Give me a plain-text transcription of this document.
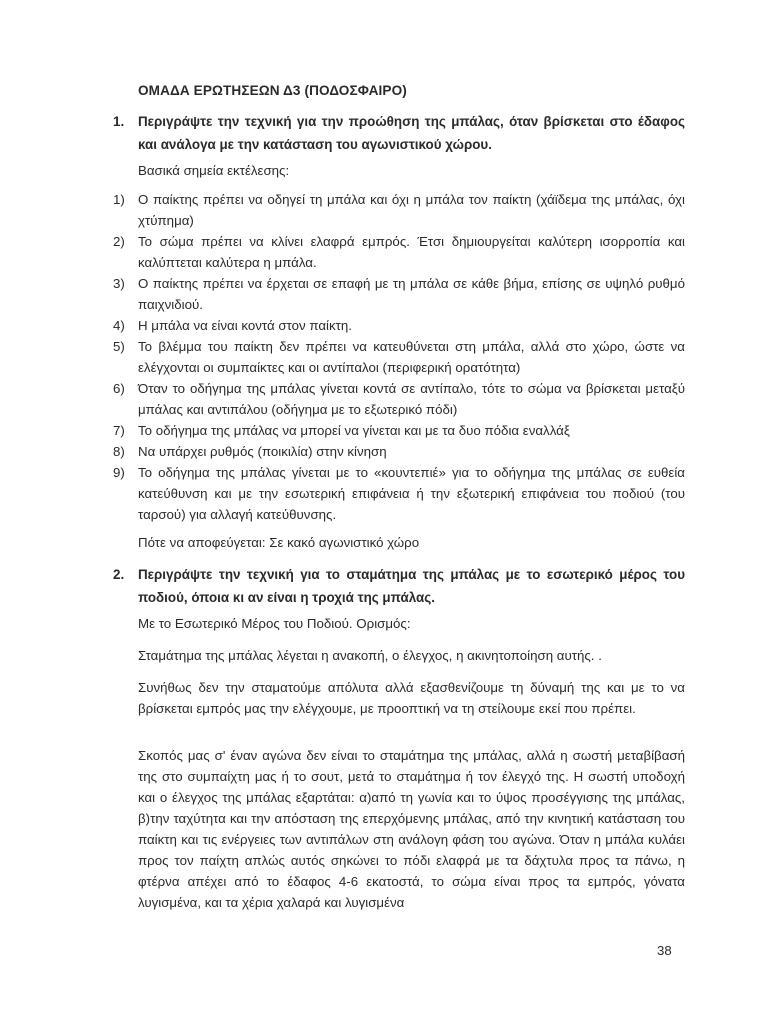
ΟΜΑΔΑ ΕΡΩΤΗΣΕΩΝ Δ3 (ΠΟΔΟΣΦΑΙΡΟ)
1.	Περιγράψτε την τεχνική για την προώθηση της μπάλας, όταν βρίσκεται στο έδαφος και ανάλογα με την κατάσταση του αγωνιστικού χώρου.
Βασικά σημεία εκτέλεσης:
1) Ο παίκτης πρέπει να οδηγεί τη μπάλα και όχι η μπάλα τον παίκτη (χάϊδεμα της μπάλας, όχι χτύπημα)
2) Το σώμα πρέπει να κλίνει ελαφρά εμπρός. Έτσι δημιουργείται καλύτερη ισορροπία και καλύπτεται καλύτερα η μπάλα.
3) Ο παίκτης πρέπει να έρχεται σε επαφή με τη μπάλα σε κάθε βήμα, επίσης σε υψηλό ρυθμό παιχνιδιού.
4) Η μπάλα να είναι κοντά στον παίκτη.
5) Το βλέμμα του παίκτη δεν πρέπει να κατευθύνεται στη μπάλα, αλλά στο χώρο, ώστε να ελέγχονται οι συμπαίκτες και οι αντίπαλοι (περιφερική ορατότητα)
6) Όταν το οδήγημα της μπάλας γίνεται κοντά σε αντίπαλο, τότε το σώμα να βρίσκεται μεταξύ μπάλας και αντιπάλου (οδήγημα με το εξωτερικό πόδι)
7) Το οδήγημα της μπάλας να μπορεί να γίνεται και με τα δυο πόδια εναλλάξ
8) Να υπάρχει ρυθμός (ποικιλία) στην κίνηση
9) Το οδήγημα της μπάλας γίνεται με το «κουντεπιέ» για το οδήγημα της μπάλας σε ευθεία κατεύθυνση και με την εσωτερική επιφάνεια ή την εξωτερική επιφάνεια του ποδιού (του ταρσού) για αλλαγή κατεύθυνσης.
Πότε να αποφεύγεται: Σε κακό αγωνιστικό χώρο
2.	Περιγράψτε την τεχνική για το σταμάτημα της μπάλας με το εσωτερικό μέρος του ποδιού, όποια κι αν είναι η τροχιά της μπάλας.
Με το Εσωτερικό Μέρος του Ποδιού. Ορισμός:
Σταμάτημα της μπάλας λέγεται η ανακοπή, ο έλεγχος, η ακινητοποίηση αυτής. .
Συνήθως δεν την σταματούμε απόλυτα αλλά εξασθενίζουμε τη δύναμή της και με το να βρίσκεται εμπρός μας την ελέγχουμε, με προοπτική να τη στείλουμε εκεί που πρέπει.
Σκοπός μας σ' έναν αγώνα δεν είναι το σταμάτημα της μπάλας, αλλά η σωστή μεταβίβασή της στο συμπαίχτη μας ή το σουτ, μετά το σταμάτημα ή τον έλεγχό της. Η σωστή υποδοχή και ο έλεγχος της μπάλας εξαρτάται: α)από τη γωνία και το ύψος προσέγγισης της μπάλας, β)την ταχύτητα και την απόσταση της επερχόμενης μπάλας, από την κινητική κατάσταση του παίκτη και τις ενέργειες των αντιπάλων στη ανάλογη φάση του αγώνα. Όταν η μπάλα κυλάει προς τον παίχτη απλώς αυτός σηκώνει το πόδι ελαφρά με τα δάχτυλα προς τα πάνω, η φτέρνα απέχει από το έδαφος 4-6 εκατοστά, το σώμα είναι προς τα εμπρός, γόνατα λυγισμένα, και τα χέρια χαλαρά και λυγισμένα
38
